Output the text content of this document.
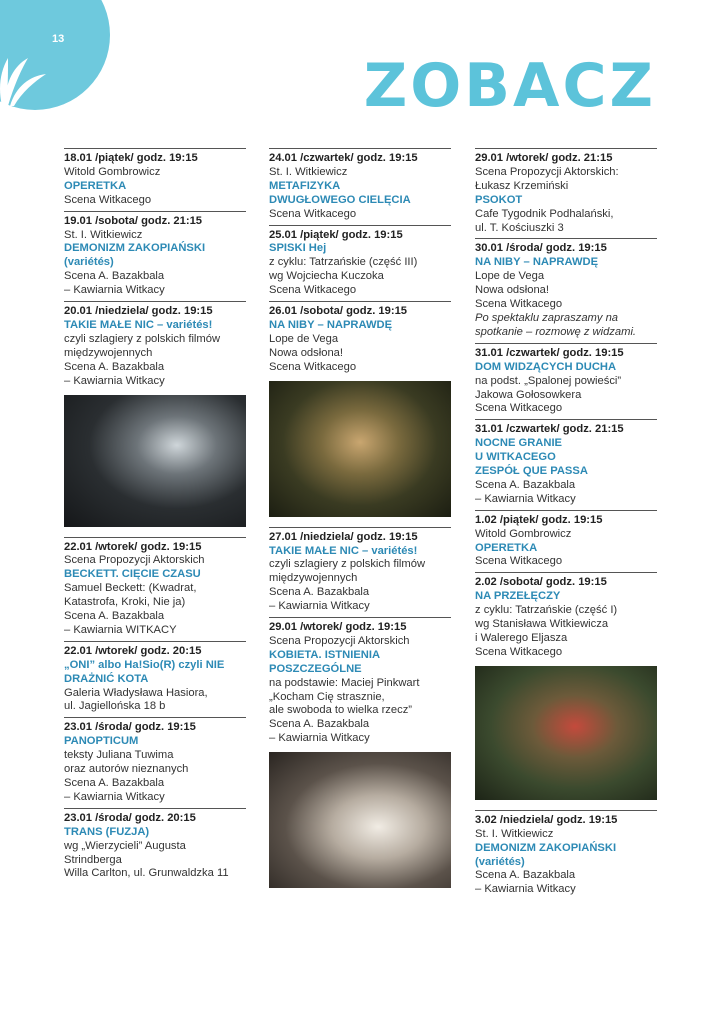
13
ZOBACZ
18.01 /piątek/ godz. 19:15
Witold Gombrowicz
OPERETKA
Scena Witkacego
19.01 /sobota/ godz. 21:15
St. I. Witkiewicz
DEMONIZM ZAKOPIAŃSKI
(variétés)
Scena A. Bazakbala
– Kawiarnia Witkacy
20.01 /niedziela/ godz. 19:15
TAKIE MAŁE NIC – variétés!
czyli szlagiery z polskich filmów
międzywojennych
Scena A. Bazakbala
– Kawiarnia Witkacy
22.01 /wtorek/ godz. 19:15
Scena Propozycji Aktorskich
BECKETT. CIĘCIE CZASU
Samuel Beckett: (Kwadrat,
Katastrofa, Kroki, Nie ja)
Scena A. Bazakbala
– Kawiarnia WITKACY
22.01 /wtorek/ godz. 20:15
„ONI” albo Ha!Sio(R) czyli NIE
DRAŻNIĆ KOTA
Galeria Władysława Hasiora,
ul. Jagiellońska 18 b
23.01 /środa/ godz. 19:15
PANOPTICUM
teksty Juliana Tuwima
oraz autorów nieznanych
Scena A. Bazakbala
– Kawiarnia Witkacy
23.01 /środa/ godz. 20:15
TRANS (FUZJA)
wg „Wierzycieli” Augusta
Strindberga
Willa Carlton, ul. Grunwaldzka 11
24.01 /czwartek/ godz. 19:15
St. I. Witkiewicz
METAFIZYKA
DWUGŁOWEGO CIELĘCIA
Scena Witkacego
25.01 /piątek/ godz. 19:15
SPISKI Hej
z cyklu: Tatrzańskie (część III)
wg Wojciecha Kuczoka
Scena Witkacego
26.01 /sobota/ godz. 19:15
NA NIBY – NAPRAWDĘ
Lope de Vega
Nowa odsłona!
Scena Witkacego
27.01 /niedziela/ godz. 19:15
TAKIE MAŁE NIC – variétés!
czyli szlagiery z polskich filmów
międzywojennych
Scena A. Bazakbala
– Kawiarnia Witkacy
29.01 /wtorek/ godz. 19:15
Scena Propozycji Aktorskich
KOBIETA. ISTNIENIA
POSZCZEGÓLNE
na podstawie: Maciej Pinkwart
„Kocham Cię strasznie,
ale swoboda to wielka rzecz”
Scena A. Bazakbala
– Kawiarnia Witkacy
29.01 /wtorek/ godz. 21:15
Scena Propozycji Aktorskich:
Łukasz Krzemiński
PSOKOT
Cafe Tygodnik Podhalański,
ul. T. Kościuszki 3
30.01 /środa/ godz. 19:15
NA NIBY – NAPRAWDĘ
Lope de Vega
Nowa odsłona!
Scena Witkacego
Po spektaklu zapraszamy na
spotkanie – rozmowę z widzami.
31.01 /czwartek/ godz. 19:15
DOM WIDZĄCYCH DUCHA
na podst. „Spalonej powieści”
Jakowa Gołosowkera
Scena Witkacego
31.01 /czwartek/ godz. 21:15
NOCNE GRANIE
U WITKACEGO
ZESPÓŁ QUE PASSA
Scena A. Bazakbala
– Kawiarnia Witkacy
1.02 /piątek/ godz. 19:15
Witold Gombrowicz
OPERETKA
Scena Witkacego
2.02 /sobota/ godz. 19:15
NA PRZEŁĘCZY
z cyklu: Tatrzańskie (część I)
wg Stanisława Witkiewicza
i Walerego Eljasza
Scena Witkacego
3.02 /niedziela/ godz. 19:15
St. I. Witkiewicz
DEMONIZM ZAKOPIAŃSKI
(variétés)
Scena A. Bazakbala
– Kawiarnia Witkacy
